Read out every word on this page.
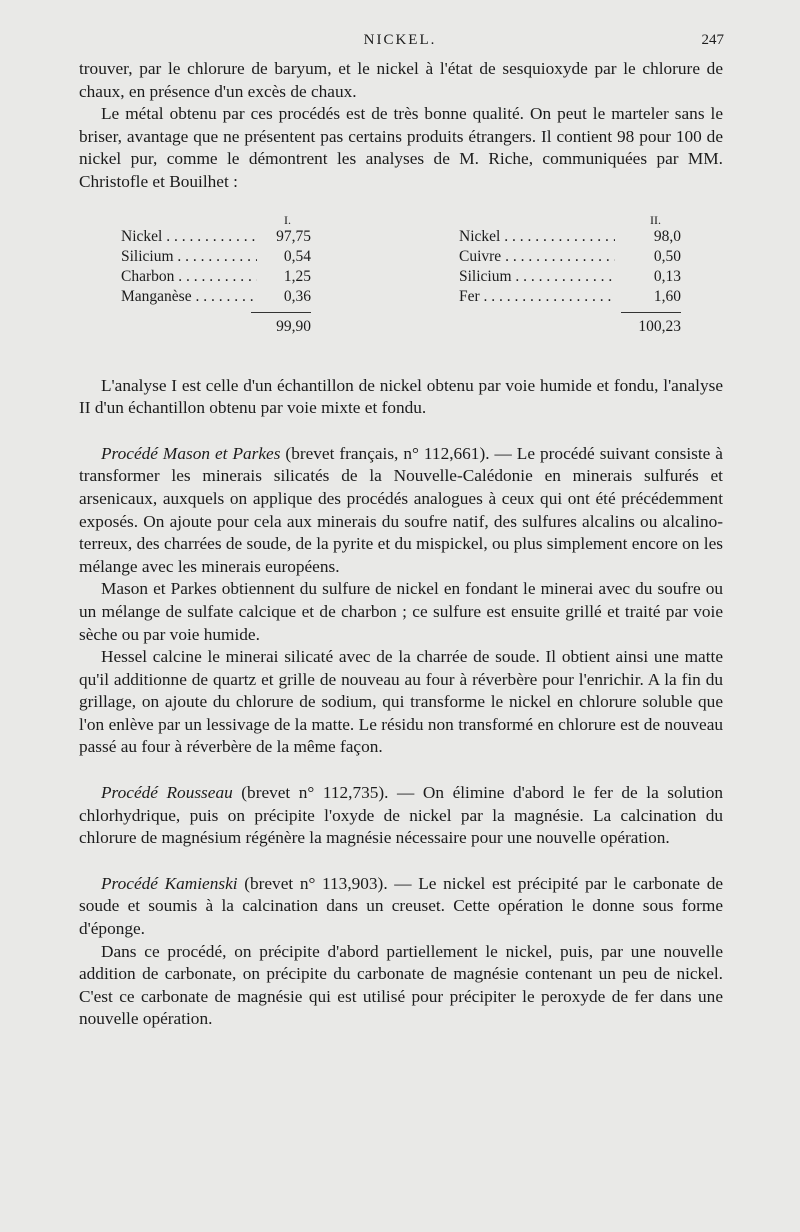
NICKEL.	247

trouver, par le chlorure de baryum, et le nickel à l'état de sesquioxyde par le chlorure de chaux, en présence d'un excès de chaux.

Le métal obtenu par ces procédés est de très bonne qualité. On peut le marteler sans le briser, avantage que ne présentent pas certains produits étrangers. Il contient 98 pour 100 de nickel pur, comme le démontrent les analyses de M. Riche, communiquées par MM. Christofle et Bouilhet :

I.
Nickel . . .	97,75
Silicium . . .	0,54
Charbon . . .	1,25
Manganèse . . .	0,36
99,90
II.
Nickel . . .	98,0
Cuivre . . .	0,50
Silicium . . .	0,13
Fer . . .	1,60
100,23

L'analyse I est celle d'un échantillon de nickel obtenu par voie humide et fondu, l'analyse II d'un échantillon obtenu par voie mixte et fondu.

Procédé Mason et Parkes (brevet français, n° 112,661). — Le procédé suivant consiste à transformer les minerais silicatés de la Nouvelle-Calédonie en minerais sulfurés et arsenicaux, auxquels on applique des procédés analogues à ceux qui ont été précédemment exposés. On ajoute pour cela aux minerais du soufre natif, des sulfures alcalins ou alcalino-terreux, des charrées de soude, de la pyrite et du mispickel, ou plus simplement encore on les mélange avec les minerais européens.

Mason et Parkes obtiennent du sulfure de nickel en fondant le minerai avec du soufre ou un mélange de sulfate calcique et de charbon ; ce sulfure est ensuite grillé et traité par voie sèche ou par voie humide.

Hessel calcine le minerai silicaté avec de la charrée de soude. Il obtient ainsi une matte qu'il additionne de quartz et grille de nouveau au four à réverbère pour l'enrichir. A la fin du grillage, on ajoute du chlorure de sodium, qui transforme le nickel en chlorure soluble que l'on enlève par un lessivage de la matte. Le résidu non transformé en chlorure est de nouveau passé au four à réverbère de la même façon.

Procédé Rousseau (brevet n° 112,735). — On élimine d'abord le fer de la solution chlorhydrique, puis on précipite l'oxyde de nickel par la magnésie. La calcination du chlorure de magnésium régénère la magnésie nécessaire pour une nouvelle opération.

Procédé Kamienski (brevet n° 113,903). — Le nickel est précipité par le carbonate de soude et soumis à la calcination dans un creuset. Cette opération le donne sous forme d'éponge.

Dans ce procédé, on précipite d'abord partiellement le nickel, puis, par une nouvelle addition de carbonate, on précipite du carbonate de magnésie contenant un peu de nickel. C'est ce carbonate de magnésie qui est utilisé pour précipiter le peroxyde de fer dans une nouvelle opération.
